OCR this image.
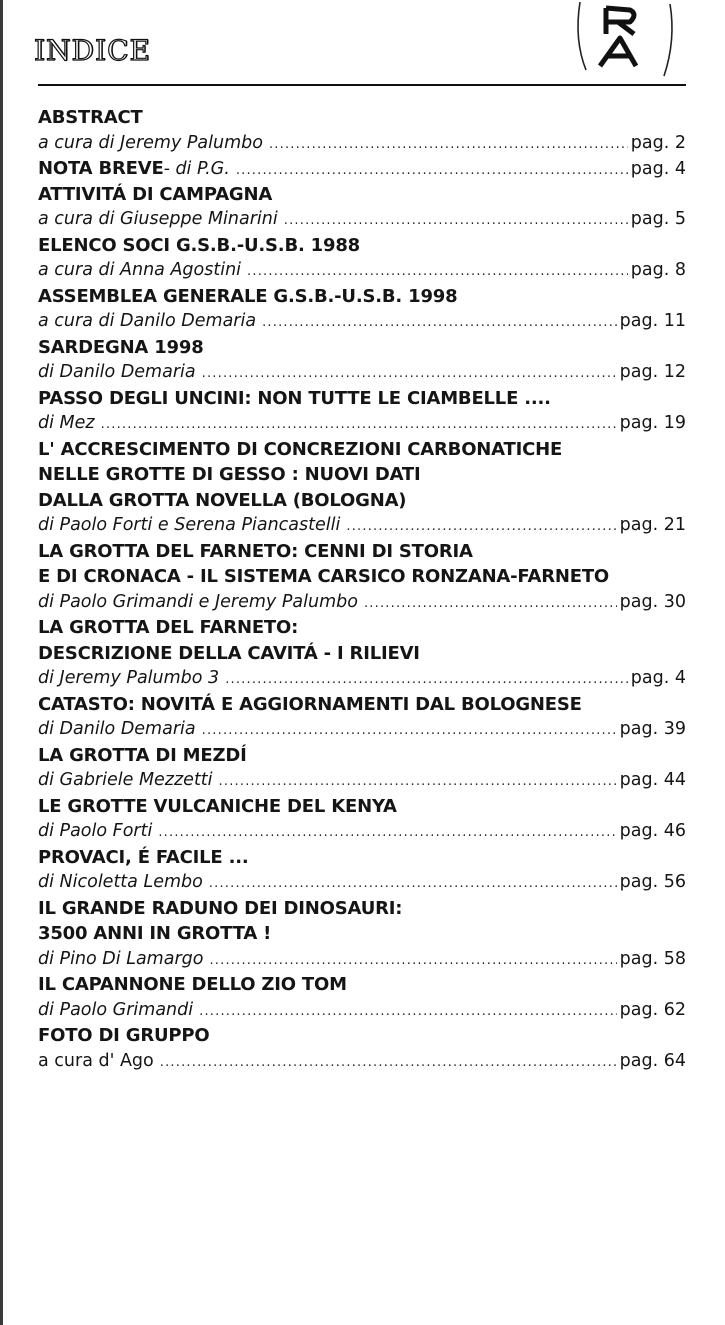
INDICE
ABSTRACT
a cura di Jeremy Palumbo .....	pag. 2
NOTA BREVE - di P.G. .....	pag. 4
ATTIVITÁ DI CAMPAGNA
a cura di Giuseppe Minarini .....	pag. 5
ELENCO SOCI G.S.B.-U.S.B. 1988
a cura di Anna Agostini .....	pag. 8
ASSEMBLEA GENERALE G.S.B.-U.S.B. 1998
a cura di Danilo Demaria .....	pag. 11
SARDEGNA 1998
di Danilo Demaria .....	pag. 12
PASSO DEGLI UNCINI: NON TUTTE LE CIAMBELLE ....
di Mez .....	pag. 19
L' ACCRESCIMENTO DI CONCREZIONI CARBONATICHE
NELLE GROTTE DI GESSO : NUOVI DATI
DALLA GROTTA NOVELLA (BOLOGNA)
di Paolo Forti e Serena Piancastelli .....	pag. 21
LA GROTTA DEL FARNETO: CENNI DI STORIA
E DI CRONACA - IL SISTEMA CARSICO RONZANA-FARNETO
di Paolo Grimandi e Jeremy Palumbo .....	pag. 30
LA GROTTA DEL FARNETO:
DESCRIZIONE DELLA CAVITÁ - I RILIEVI
di Jeremy Palumbo 3 .....	pag. 4
CATASTO: NOVITÁ E AGGIORNAMENTI DAL BOLOGNESE
di Danilo Demaria .....	pag. 39
LA GROTTA DI MEZDÍ
di Gabriele Mezzetti .....	pag. 44
LE GROTTE VULCANICHE DEL KENYA
di Paolo Forti .....	pag. 46
PROVACI, É FACILE ...
di Nicoletta Lembo .....	pag. 56
IL GRANDE RADUNO DEI DINOSAURI:
3500 ANNI IN GROTTA !
di Pino Di Lamargo .....	pag. 58
IL CAPANNONE DELLO ZIO TOM
di Paolo Grimandi .....	pag. 62
FOTO DI GRUPPO
a cura d' Ago .....	pag. 64
